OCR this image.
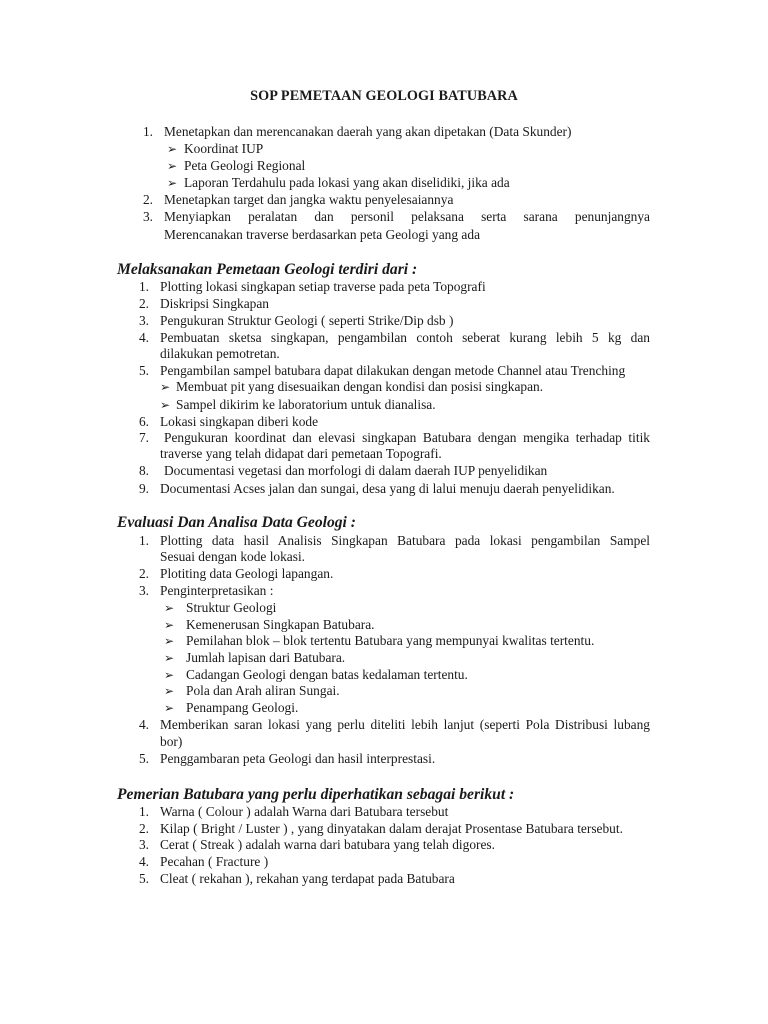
SOP PEMETAAN GEOLOGI BATUBARA
1. Menetapkan dan merencanakan daerah yang akan dipetakan (Data Skunder)
➢ Koordinat IUP
➢ Peta Geologi Regional
➢ Laporan Terdahulu pada lokasi yang akan diselidiki, jika ada
2. Menetapkan target dan jangka waktu penyelesaiannya
3. Menyiapkan peralatan dan personil pelaksana serta sarana penunjangnya
Merencanakan traverse berdasarkan peta Geologi yang ada
Melaksanakan Pemetaan Geologi terdiri dari :
1. Plotting lokasi singkapan setiap traverse pada peta Topografi
2. Diskripsi Singkapan
3. Pengukuran Struktur Geologi ( seperti Strike/Dip dsb )
4. Pembuatan sketsa singkapan, pengambilan contoh seberat kurang lebih 5 kg dan
dilakukan pemotretan.
5. Pengambilan sampel batubara dapat dilakukan dengan metode Channel atau Trenching
➢ Membuat pit yang disesuaikan dengan kondisi dan posisi singkapan.
➢ Sampel dikirim ke laboratorium untuk dianalisa.
6. Lokasi singkapan diberi kode
7. Pengukuran koordinat dan elevasi singkapan Batubara dengan mengika terhadap titik
traverse yang telah didapat dari pemetaan Topografi.
8. Documentasi vegetasi dan morfologi di dalam daerah IUP penyelidikan
9. Documentasi Acses jalan dan sungai, desa yang di lalui menuju daerah penyelidikan.
Evaluasi Dan Analisa Data Geologi :
1. Plotting data hasil Analisis Singkapan Batubara pada lokasi pengambilan Sampel
Sesuai dengan kode lokasi.
2. Plotiting data Geologi lapangan.
3. Penginterpretasikan :
➢ Struktur Geologi
➢ Kemenerusan Singkapan Batubara.
➢ Pemilahan blok – blok tertentu Batubara yang mempunyai kwalitas tertentu.
➢ Jumlah lapisan dari Batubara.
➢ Cadangan Geologi dengan batas kedalaman tertentu.
➢ Pola dan Arah aliran Sungai.
➢ Penampang Geologi.
4. Memberikan saran lokasi yang perlu diteliti lebih lanjut (seperti Pola Distribusi lubang
bor)
5. Penggambaran peta Geologi dan hasil interprestasi.
Pemerian Batubara yang perlu diperhatikan sebagai berikut :
1. Warna ( Colour ) adalah Warna dari Batubara tersebut
2. Kilap ( Bright / Luster ) , yang dinyatakan dalam derajat Prosentase Batubara tersebut.
3. Cerat ( Streak ) adalah warna dari batubara yang telah digores.
4. Pecahan ( Fracture )
5. Cleat ( rekahan ), rekahan yang terdapat pada Batubara
